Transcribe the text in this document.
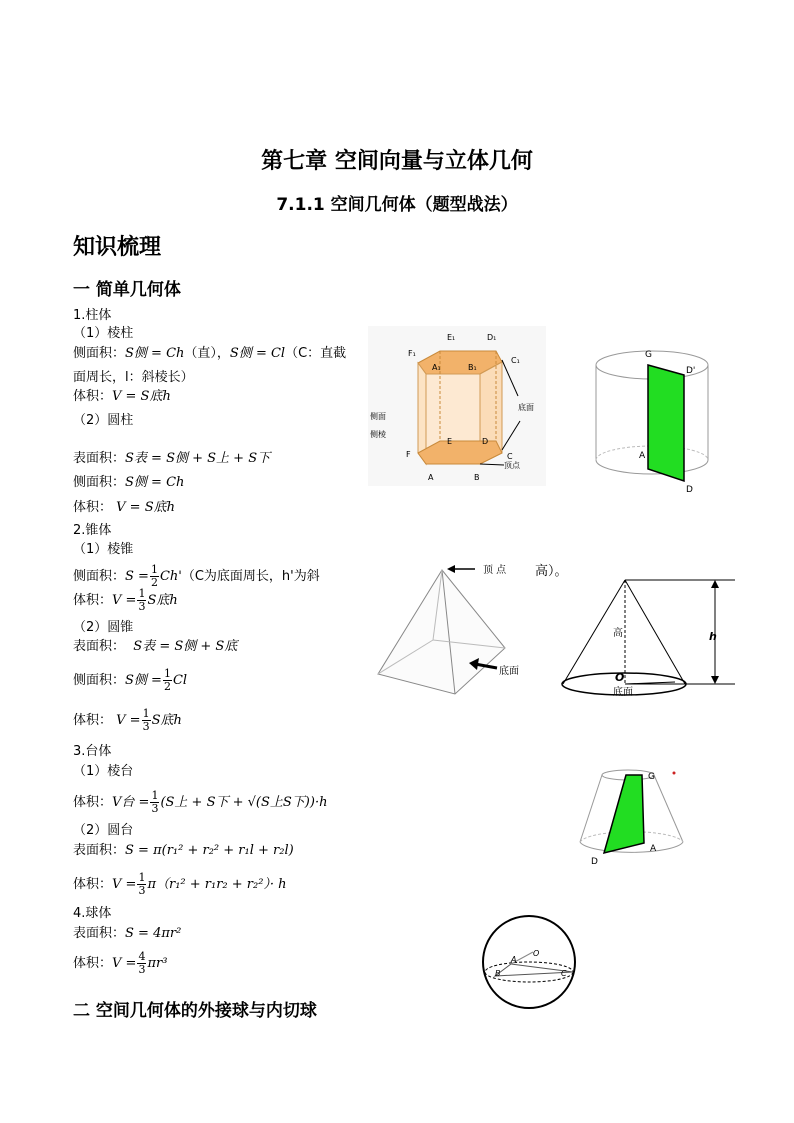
第七章 空间向量与立体几何
7.1.1 空间几何体（题型战法）
知识梳理
一 简单几何体
1.柱体
（1）棱柱
侧面积：S侧 = Ch（直），S侧 = Cl（C：直截
面周长，l：斜棱长）
体积：V = S底h
（2）圆柱
表面积：S表 = S侧 + S上 + S下
侧面积：S侧 = Ch
体积： V = S底h
2.锥体
（1）棱锥
侧面积：$S = \frac{1}{2} Ch'(C$为底面周长，h'为斜	高）。
体积：$V = \frac{1}{3}$ S底h
（2）圆锥
表面积： S表 = S侧 + S底
侧面积：S侧 = $\frac{1}{2}$ Cl
体积： $V = \frac{1}{3}$ S底h
3.台体
（1）棱台
体积：V台 = $\frac{1}{3} (S$上 + S下 + √(S上S下))·h
（2）圆台
表面积：S = π(r₁² + r₂² + r₁l + r₂l)
体积：$V = \frac{1}{3} \pi(r_1^2 + r_1r_2 + r_2^2)\cdot h$
4.球体
表面积：S = 4πr²
体积：$V = \frac{4}{3} \pi r^3$
二 空间几何体的外接球与内切球
E₁	D₁
F₁
C₁
A₁	B₁
侧面
侧棱
E	D
F	C
A	B
底面
顶点
G
D'
A
D
顶 点
底面
高	h
O
底面
G
A
D
O
A
B	C
